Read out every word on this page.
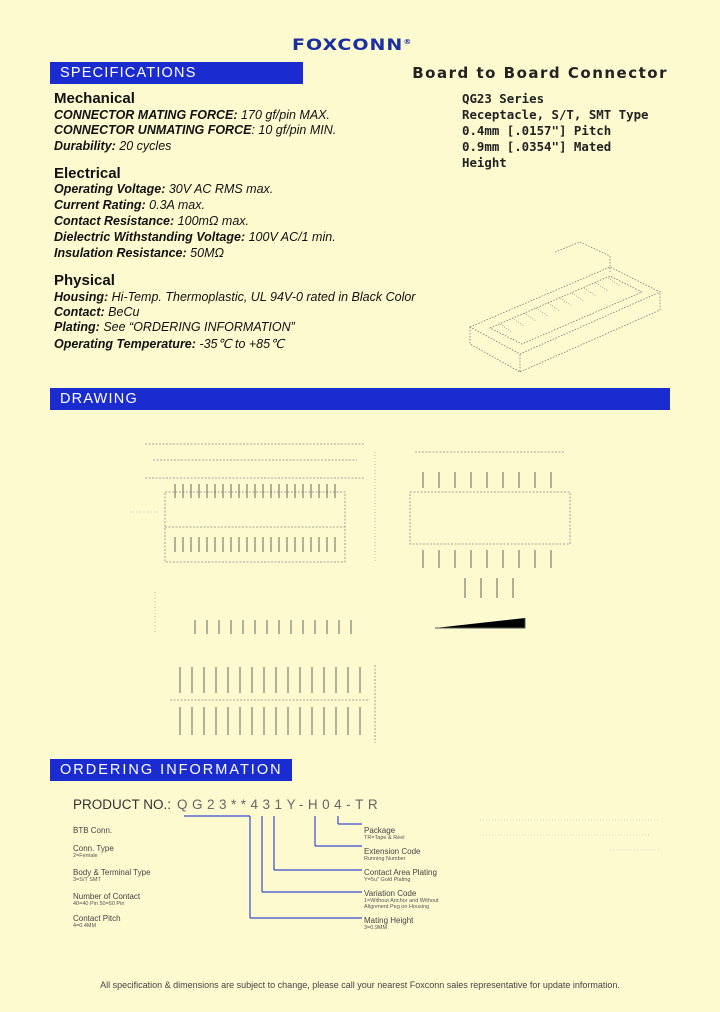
FOXCONN®
SPECIFICATIONS
DRAWING
ORDERING INFORMATION
Board to Board Connector
QG23 Series
Receptacle, S/T, SMT Type
0.4mm [.0157"] Pitch
0.9mm [.0354"] Mated
Height
Mechanical
CONNECTOR MATING FORCE: 170 gf/pin MAX.
CONNECTOR UNMATING FORCE: 10 gf/pin MIN.
Durability: 20 cycles
Electrical
Operating Voltage: 30V AC RMS max.
Current Rating: 0.3A max.
Contact Resistance: 100mΩ max.
Dielectric Withstanding Voltage: 100V AC/1 min.
Insulation Resistance: 50MΩ
Physical
Housing: Hi-Temp. Thermoplastic, UL 94V-0 rated in Black Color
Contact: BeCu
Plating: See “ORDERING INFORMATION”
Operating Temperature: -35℃ to +85℃
PRODUCT NO.: QG23**431Y-H04-TR
BTB Conn.
Conn. Type
2=Female
Body & Terminal Type
3=S/T SMT
Number of Contact
40=40 Pin 50=50 Pin
Contact Pitch
4=0.4MM
Package
TR=Tape & Reel
Extension Code
Running Number
Contact Area Plating
Y=5u" Gold Plating
Variation Code
1=Without Anchor and Without Alignment Peg on Housing
Mating Height
3=0.9MM
All specification & dimensions are subject to change, please call your nearest Foxconn sales representative for update information.
